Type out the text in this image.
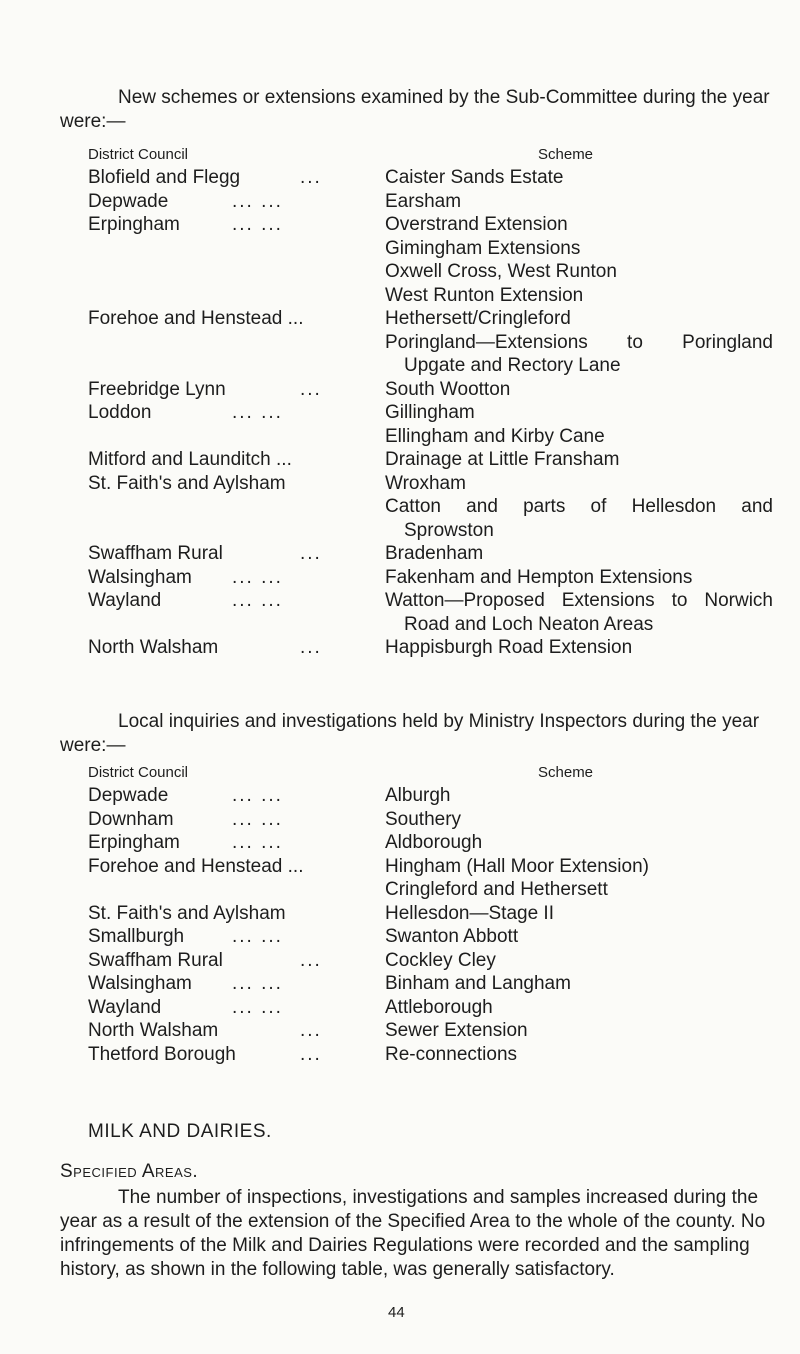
New schemes or extensions examined by the Sub-Committee during the year were:—

District Council	Scheme
Blofield and Flegg	...	Caister Sands Estate
Depwade	... ...	Earsham
Erpingham	... ...	Overstrand Extension
Gimingham Extensions
Oxwell Cross, West Runton
West Runton Extension
Forehoe and Henstead ...	Hethersett/Cringleford
Poringland—Extensions to Poringland
Upgate and Rectory Lane
Freebridge Lynn	...	South Wootton
Loddon	... ...	Gillingham
Ellingham and Kirby Cane
Mitford and Launditch ...	Drainage at Little Fransham
St. Faith's and Aylsham	Wroxham
Catton and parts of Hellesdon and
Sprowston
Swaffham Rural	...	Bradenham
Walsingham ... ...	Fakenham and Hempton Extensions
Wayland	... ...	Watton—Proposed Extensions to Norwich
Road and Loch Neaton Areas
North Walsham	...	Happisburgh Road Extension

Local inquiries and investigations held by Ministry Inspectors during the year were:—

District Council	Scheme
Depwade	... ...	Alburgh
Downham	... ...	Southery
Erpingham	... ...	Aldborough
Forehoe and Henstead ...	Hingham (Hall Moor Extension)
Cringleford and Hethersett
St. Faith's and Aylsham	Hellesdon—Stage II
Smallburgh	... ...	Swanton Abbott
Swaffham Rural	...	Cockley Cley
Walsingham ... ...	Binham and Langham
Wayland	... ...	Attleborough
North Walsham	...	Sewer Extension
Thetford Borough	...	Re-connections
MILK AND DAIRIES.
Specified Areas.

The number of inspections, investigations and samples increased during the year as a result of the extension of the Specified Area to the whole of the county. No infringements of the Milk and Dairies Regulations were recorded and the sampling history, as shown in the following table, was generally satisfactory.

44
